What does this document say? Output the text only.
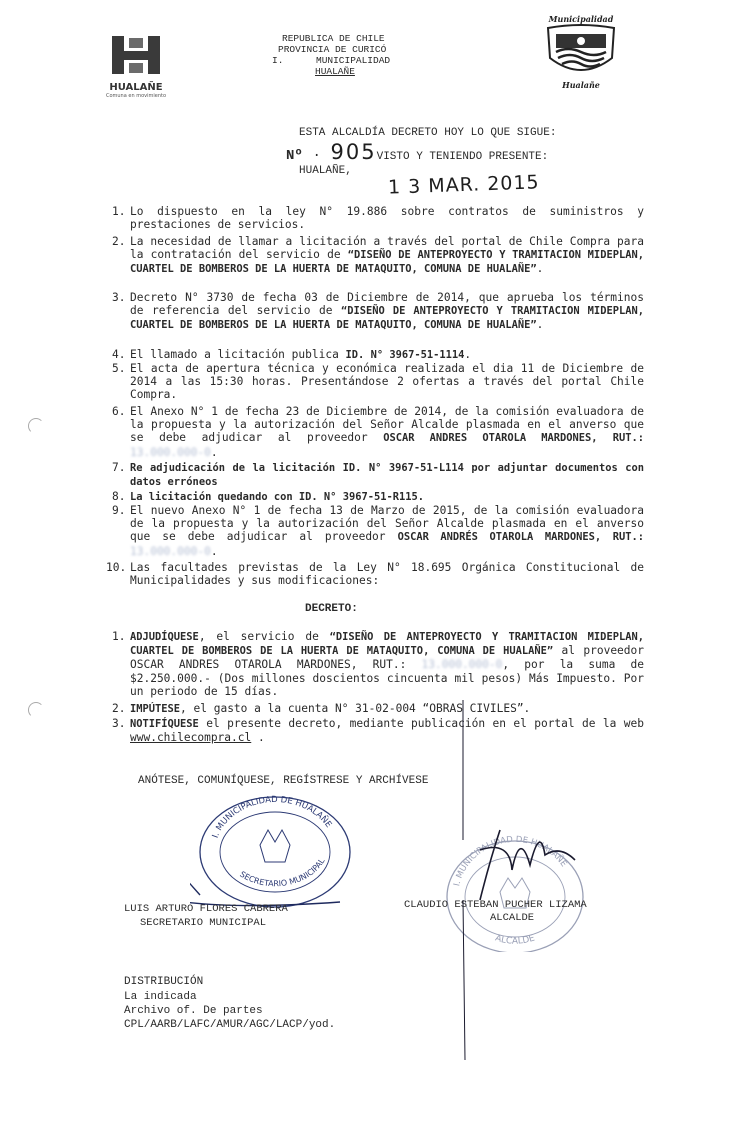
HUALAÑE
Comuna en movimiento
REPUBLICA DE CHILE
PROVINCIA DE CURICÓ
I.	MUNICIPALIDAD
HUALAÑE
Municipalidad
Hualañe
ESTA ALCALDÍA DECRETO HOY LO QUE SIGUE:
Nº · 905VISTO Y TENIENDO PRESENTE:
HUALAÑE,
1 3 MAR. 2015
1. Lo dispuesto en la ley N° 19.886 sobre contratos de suministros y prestaciones de servicios.
2. La necesidad de llamar a licitación a través del portal de Chile Compra para la contratación del servicio de “DISEÑO DE ANTEPROYECTO Y TRAMITACION MIDEPLAN, CUARTEL DE BOMBEROS DE LA HUERTA DE MATAQUITO, COMUNA DE HUALAÑE”.
3. Decreto N° 3730 de fecha 03 de Diciembre de 2014, que aprueba los términos de referencia del servicio de “DISEÑO DE ANTEPROYECTO Y TRAMITACION MIDEPLAN, CUARTEL DE BOMBEROS DE LA HUERTA DE MATAQUITO, COMUNA DE HUALAÑE”.
4. El llamado a licitación publica ID. N° 3967-51-1114.
5. El acta de apertura técnica y económica realizada el dia 11 de Diciembre de 2014 a las 15:30 horas. Presentándose 2 ofertas a través del portal Chile Compra.
6. El Anexo N° 1 de fecha 23 de Diciembre de 2014, de la comisión evaluadora de la propuesta y la autorización del Señor Alcalde plasmada en el anverso que se debe adjudicar al proveedor OSCAR ANDRES OTAROLA MARDONES, RUT.: 13.000.000-0.
7. Re adjudicación de la licitación ID. N° 3967-51-L114 por adjuntar documentos con datos erróneos
8. La licitación quedando con ID. N° 3967-51-R115.
9. El nuevo Anexo N° 1 de fecha 13 de Marzo de 2015, de la comisión evaluadora de la propuesta y la autorización del Señor Alcalde plasmada en el anverso que se debe adjudicar al proveedor OSCAR ANDRÉS OTAROLA MARDONES, RUT.: 13.000.000-0.
10. Las facultades previstas de la Ley N° 18.695 Orgánica Constitucional de Municipalidades y sus modificaciones:
DECRETO:
1. ADJUDÍQUESE, el servicio de “DISEÑO DE ANTEPROYECTO Y TRAMITACION MIDEPLAN, CUARTEL DE BOMBEROS DE LA HUERTA DE MATAQUITO, COMUNA DE HUALAÑE” al proveedor OSCAR ANDRES OTAROLA MARDONES, RUT.: 13.000.000-0, por la suma de $2.250.000.- (Dos millones doscientos cincuenta mil pesos) Más Impuesto. Por un periodo de 15 días.
2. IMPÚTESE, el gasto a la cuenta N° 31-02-004 “OBRAS CIVILES”.
3. NOTIFÍQUESE el presente decreto, mediante publicación en el portal de la web www.chilecompra.cl .
ANÓTESE, COMUNÍQUESE, REGÍSTRESE Y ARCHÍVESE
I. MUNICIPALIDAD DE HUALAÑE
SECRETARIO MUNICIPAL
LUIS ARTURO FLORES CABRERA
SECRETARIO MUNICIPAL
I. MUNICIPALIDAD DE HUALAÑE
ALCALDE
CLAUDIO ESTEBAN PUCHER LIZAMA
ALCALDE
DISTRIBUCIÓN
La indicada
Archivo of. De partes
CPL/AARB/LAFC/AMUR/AGC/LACP/yod.
